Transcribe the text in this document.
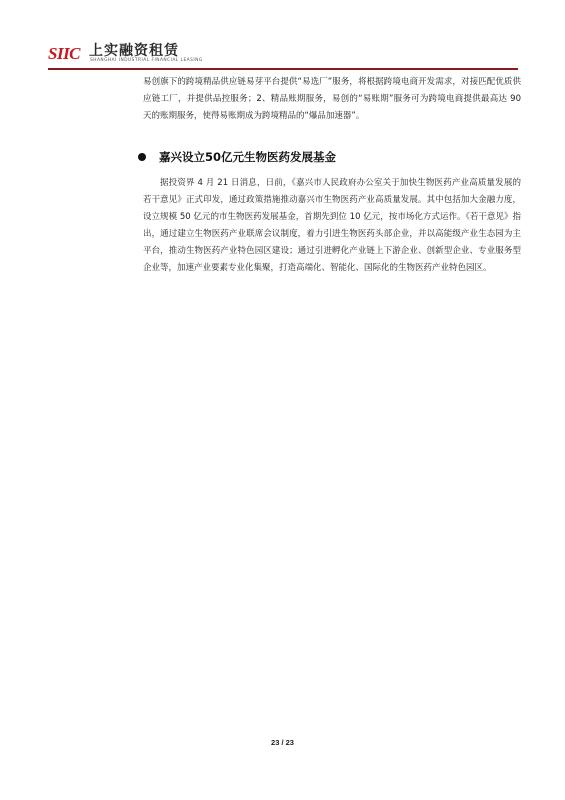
SIIC 上实融资租赁
SHANGHAI INDUSTRIAL FINANCIAL LEASING

易创旗下的跨境精品供应链易芽平台提供“易选厂”服务，将根据跨境电商开发需求，对接匹配优质供应链工厂，并提供品控服务；2、精品账期服务，易创的“易账期”服务可为跨境电商提供最高达 90 天的账期服务，使得易账期成为跨境精品的“爆品加速器”。

嘉兴设立50亿元生物医药发展基金

据投资界 4 月 21 日消息，日前，《嘉兴市人民政府办公室关于加快生物医药产业高质量发展的若干意见》正式印发，通过政策措施推动嘉兴市生物医药产业高质量发展。其中包括加大金融力度，设立规模 50 亿元的市生物医药发展基金，首期先到位 10 亿元，按市场化方式运作。《若干意见》指出，通过建立生物医药产业联席会议制度，着力引进生物医药头部企业，并以高能级产业生态园为主平台，推动生物医药产业特色园区建设；通过引进孵化产业链上下游企业、创新型企业、专业服务型企业等，加速产业要素专业化集聚，打造高端化、智能化、国际化的生物医药产业特色园区。

23 / 23
